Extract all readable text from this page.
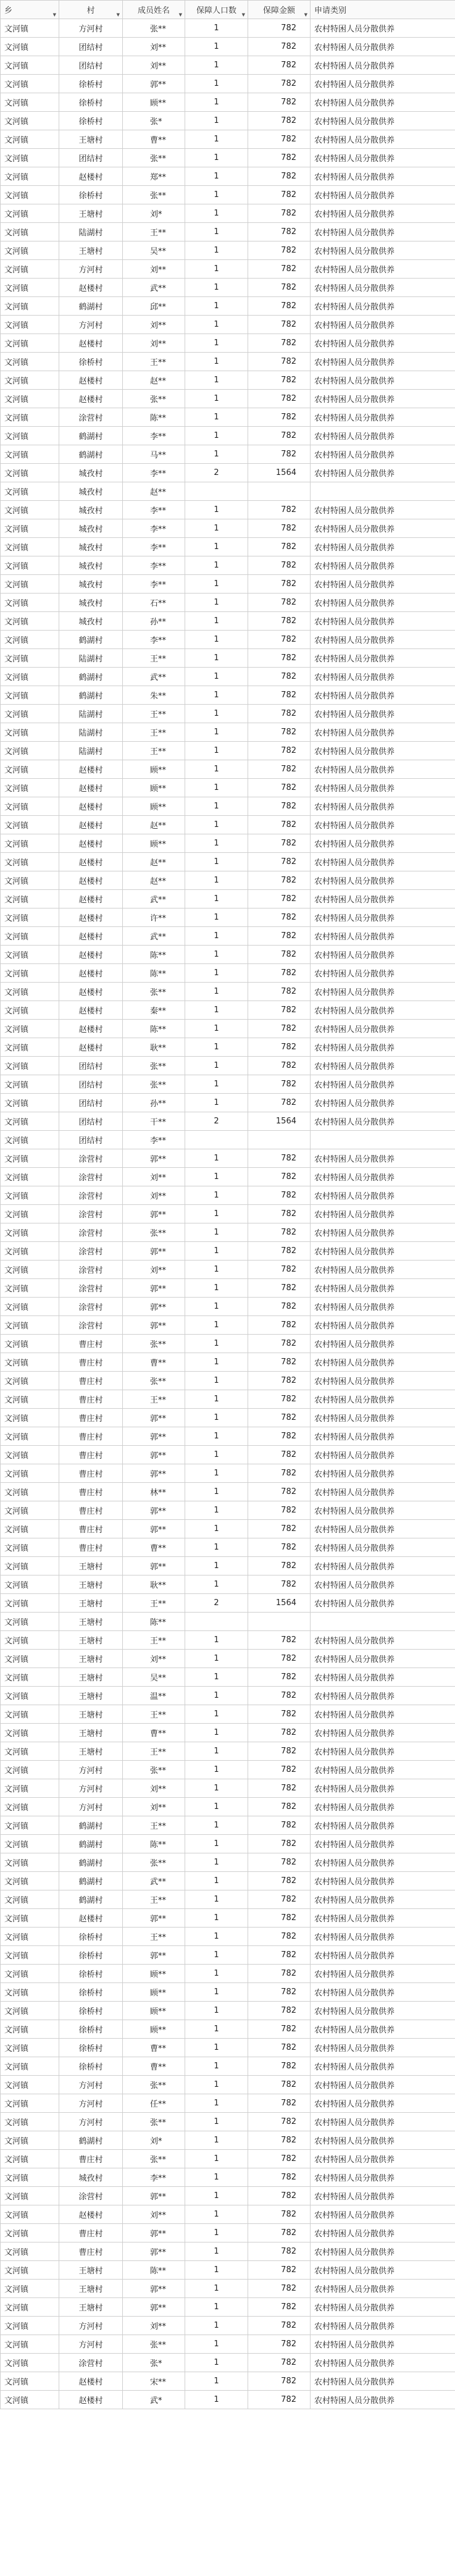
乡 ▼	村 ▼	成员姓名 ▼	保障人口数 ▼	保障金额 ▼	申请类别
文河镇	方河村	张**	1	782	农村特困人员分散供养
文河镇	团结村	刘**	1	782	农村特困人员分散供养
文河镇	团结村	刘**	1	782	农村特困人员分散供养
文河镇	徐桥村	郭**	1	782	农村特困人员分散供养
文河镇	徐桥村	顾**	1	782	农村特困人员分散供养
文河镇	徐桥村	张*	1	782	农村特困人员分散供养
文河镇	王塘村	曹**	1	782	农村特困人员分散供养
文河镇	团结村	张**	1	782	农村特困人员分散供养
文河镇	赵楼村	郑**	1	782	农村特困人员分散供养
文河镇	徐桥村	张**	1	782	农村特困人员分散供养
文河镇	王塘村	刘*	1	782	农村特困人员分散供养
文河镇	陆湖村	王**	1	782	农村特困人员分散供养
文河镇	王塘村	吴**	1	782	农村特困人员分散供养
文河镇	方河村	刘**	1	782	农村特困人员分散供养
文河镇	赵楼村	武**	1	782	农村特困人员分散供养
文河镇	鹤湖村	邱**	1	782	农村特困人员分散供养
文河镇	方河村	刘**	1	782	农村特困人员分散供养
文河镇	赵楼村	刘**	1	782	农村特困人员分散供养
文河镇	徐桥村	王**	1	782	农村特困人员分散供养
文河镇	赵楼村	赵**	1	782	农村特困人员分散供养
文河镇	赵楼村	张**	1	782	农村特困人员分散供养
文河镇	涂营村	陈**	1	782	农村特困人员分散供养
文河镇	鹤湖村	李**	1	782	农村特困人员分散供养
文河镇	鹤湖村	马**	1	782	农村特困人员分散供养
文河镇	城孜村	李**	2	1564	农村特困人员分散供养
文河镇	城孜村	赵**			
文河镇	城孜村	李**	1	782	农村特困人员分散供养
文河镇	城孜村	李**	1	782	农村特困人员分散供养
文河镇	城孜村	李**	1	782	农村特困人员分散供养
文河镇	城孜村	李**	1	782	农村特困人员分散供养
文河镇	城孜村	李**	1	782	农村特困人员分散供养
文河镇	城孜村	石**	1	782	农村特困人员分散供养
文河镇	城孜村	孙**	1	782	农村特困人员分散供养
文河镇	鹤湖村	李**	1	782	农村特困人员分散供养
文河镇	陆湖村	王**	1	782	农村特困人员分散供养
文河镇	鹤湖村	武**	1	782	农村特困人员分散供养
文河镇	鹤湖村	朱**	1	782	农村特困人员分散供养
文河镇	陆湖村	王**	1	782	农村特困人员分散供养
文河镇	陆湖村	王**	1	782	农村特困人员分散供养
文河镇	陆湖村	王**	1	782	农村特困人员分散供养
文河镇	赵楼村	顾**	1	782	农村特困人员分散供养
文河镇	赵楼村	顾**	1	782	农村特困人员分散供养
文河镇	赵楼村	顾**	1	782	农村特困人员分散供养
文河镇	赵楼村	赵**	1	782	农村特困人员分散供养
文河镇	赵楼村	顾**	1	782	农村特困人员分散供养
文河镇	赵楼村	赵**	1	782	农村特困人员分散供养
文河镇	赵楼村	赵**	1	782	农村特困人员分散供养
文河镇	赵楼村	武**	1	782	农村特困人员分散供养
文河镇	赵楼村	许**	1	782	农村特困人员分散供养
文河镇	赵楼村	武**	1	782	农村特困人员分散供养
文河镇	赵楼村	陈**	1	782	农村特困人员分散供养
文河镇	赵楼村	陈**	1	782	农村特困人员分散供养
文河镇	赵楼村	张**	1	782	农村特困人员分散供养
文河镇	赵楼村	秦**	1	782	农村特困人员分散供养
文河镇	赵楼村	陈**	1	782	农村特困人员分散供养
文河镇	赵楼村	耿**	1	782	农村特困人员分散供养
文河镇	团结村	张**	1	782	农村特困人员分散供养
文河镇	团结村	张**	1	782	农村特困人员分散供养
文河镇	团结村	孙**	1	782	农村特困人员分散供养
文河镇	团结村	干**	2	1564	农村特困人员分散供养
文河镇	团结村	李**			
文河镇	涂营村	郭**	1	782	农村特困人员分散供养
文河镇	涂营村	刘**	1	782	农村特困人员分散供养
文河镇	涂营村	刘**	1	782	农村特困人员分散供养
文河镇	涂营村	郭**	1	782	农村特困人员分散供养
文河镇	涂营村	张**	1	782	农村特困人员分散供养
文河镇	涂营村	郭**	1	782	农村特困人员分散供养
文河镇	涂营村	刘**	1	782	农村特困人员分散供养
文河镇	涂营村	郭**	1	782	农村特困人员分散供养
文河镇	涂营村	郭**	1	782	农村特困人员分散供养
文河镇	涂营村	郭**	1	782	农村特困人员分散供养
文河镇	曹庄村	张**	1	782	农村特困人员分散供养
文河镇	曹庄村	曹**	1	782	农村特困人员分散供养
文河镇	曹庄村	张**	1	782	农村特困人员分散供养
文河镇	曹庄村	王**	1	782	农村特困人员分散供养
文河镇	曹庄村	郭**	1	782	农村特困人员分散供养
文河镇	曹庄村	郭**	1	782	农村特困人员分散供养
文河镇	曹庄村	郭**	1	782	农村特困人员分散供养
文河镇	曹庄村	郭**	1	782	农村特困人员分散供养
文河镇	曹庄村	林**	1	782	农村特困人员分散供养
文河镇	曹庄村	郭**	1	782	农村特困人员分散供养
文河镇	曹庄村	郭**	1	782	农村特困人员分散供养
文河镇	曹庄村	曹**	1	782	农村特困人员分散供养
文河镇	王塘村	郭**	1	782	农村特困人员分散供养
文河镇	王塘村	耿**	1	782	农村特困人员分散供养
文河镇	王塘村	王**	2	1564	农村特困人员分散供养
文河镇	王塘村	陈**			
文河镇	王塘村	王**	1	782	农村特困人员分散供养
文河镇	王塘村	刘**	1	782	农村特困人员分散供养
文河镇	王塘村	吴**	1	782	农村特困人员分散供养
文河镇	王塘村	温**	1	782	农村特困人员分散供养
文河镇	王塘村	王**	1	782	农村特困人员分散供养
文河镇	王塘村	曹**	1	782	农村特困人员分散供养
文河镇	王塘村	王**	1	782	农村特困人员分散供养
文河镇	方河村	张**	1	782	农村特困人员分散供养
文河镇	方河村	刘**	1	782	农村特困人员分散供养
文河镇	方河村	刘**	1	782	农村特困人员分散供养
文河镇	鹤湖村	王**	1	782	农村特困人员分散供养
文河镇	鹤湖村	陈**	1	782	农村特困人员分散供养
文河镇	鹤湖村	张**	1	782	农村特困人员分散供养
文河镇	鹤湖村	武**	1	782	农村特困人员分散供养
文河镇	鹤湖村	王**	1	782	农村特困人员分散供养
文河镇	赵楼村	郭**	1	782	农村特困人员分散供养
文河镇	徐桥村	王**	1	782	农村特困人员分散供养
文河镇	徐桥村	郭**	1	782	农村特困人员分散供养
文河镇	徐桥村	顾**	1	782	农村特困人员分散供养
文河镇	徐桥村	顾**	1	782	农村特困人员分散供养
文河镇	徐桥村	顾**	1	782	农村特困人员分散供养
文河镇	徐桥村	顾**	1	782	农村特困人员分散供养
文河镇	徐桥村	曹**	1	782	农村特困人员分散供养
文河镇	徐桥村	曹**	1	782	农村特困人员分散供养
文河镇	方河村	张**	1	782	农村特困人员分散供养
文河镇	方河村	任**	1	782	农村特困人员分散供养
文河镇	方河村	张**	1	782	农村特困人员分散供养
文河镇	鹤湖村	刘*	1	782	农村特困人员分散供养
文河镇	曹庄村	张**	1	782	农村特困人员分散供养
文河镇	城孜村	李**	1	782	农村特困人员分散供养
文河镇	涂营村	郭**	1	782	农村特困人员分散供养
文河镇	赵楼村	刘**	1	782	农村特困人员分散供养
文河镇	曹庄村	郭**	1	782	农村特困人员分散供养
文河镇	曹庄村	郭**	1	782	农村特困人员分散供养
文河镇	王塘村	陈**	1	782	农村特困人员分散供养
文河镇	王塘村	郭**	1	782	农村特困人员分散供养
文河镇	王塘村	郭**	1	782	农村特困人员分散供养
文河镇	方河村	刘**	1	782	农村特困人员分散供养
文河镇	方河村	张**	1	782	农村特困人员分散供养
文河镇	涂营村	张*	1	782	农村特困人员分散供养
文河镇	赵楼村	宋**	1	782	农村特困人员分散供养
文河镇	赵楼村	武*	1	782	农村特困人员分散供养
